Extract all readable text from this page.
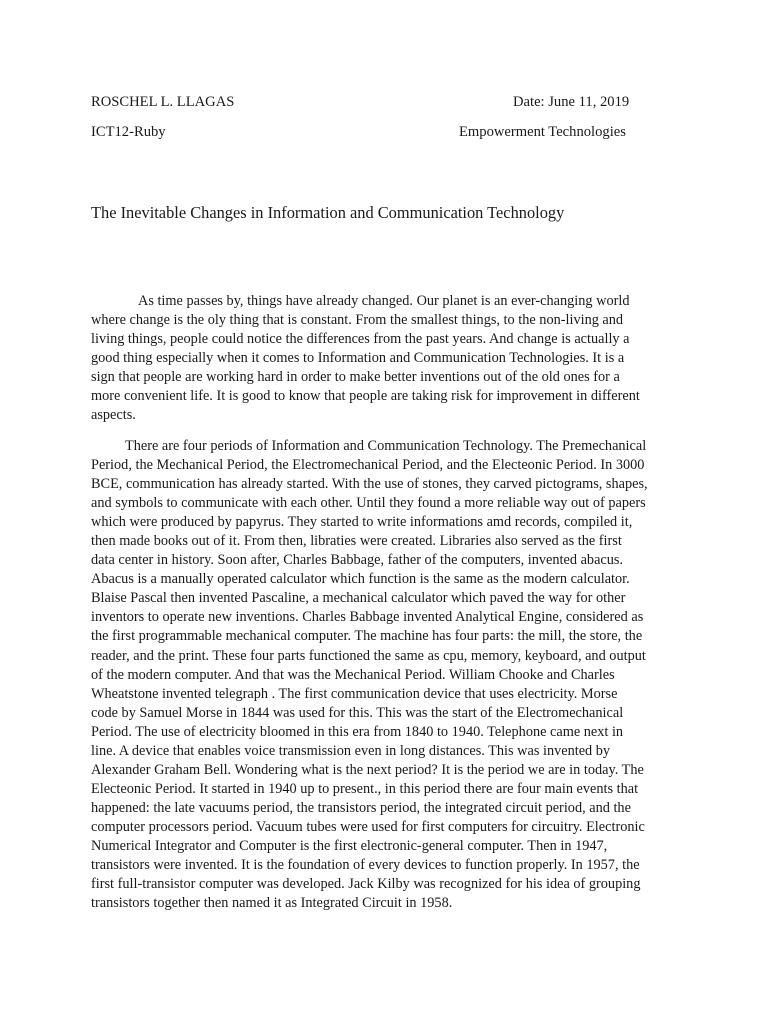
ROSCHEL L. LLAGAS	Date: June 11, 2019
ICT12-Ruby	Empowerment Technologies
The Inevitable Changes in Information and Communication Technology
As time passes by, things have already changed. Our planet is an ever-changing world
where change is the oly thing that is constant. From the smallest things, to the non-living and
living things, people could notice the differences from the past years. And change is actually a
good thing especially when it comes to Information and Communication Technologies. It is a
sign that people are working hard in order to make better inventions out of the old ones for a
more convenient life. It is good to know that people are taking risk for improvement in different
aspects.
There are four periods of Information and Communication Technology. The Premechanical
Period, the Mechanical Period, the Electromechanical Period, and the Electeonic Period. In 3000
BCE, communication has already started. With the use of stones, they carved pictograms, shapes,
and symbols to communicate with each other. Until they found a more reliable way out of papers
which were produced by papyrus. They started to write informations amd records, compiled it,
then made books out of it. From then, libraties were created. Libraries also served as the first
data center in history. Soon after, Charles Babbage, father of the computers, invented abacus.
Abacus is a manually operated calculator which function is the same as the modern calculator.
Blaise Pascal then invented Pascaline, a mechanical calculator which paved the way for other
inventors to operate new inventions. Charles Babbage invented Analytical Engine, considered as
the first programmable mechanical computer. The machine has four parts: the mill, the store, the
reader, and the print. These four parts functioned the same as cpu, memory, keyboard, and output
of the modern computer. And that was the Mechanical Period. William Chooke and Charles
Wheatstone invented telegraph . The first communication device that uses electricity. Morse
code by Samuel Morse in 1844 was used for this. This was the start of the Electromechanical
Period. The use of electricity bloomed in this era from 1840 to 1940. Telephone came next in
line. A device that enables voice transmission even in long distances. This was invented by
Alexander Graham Bell. Wondering what is the next period? It is the period we are in today. The
Electeonic Period. It started in 1940 up to present., in this period there are four main events that
happened: the late vacuums period, the transistors period, the integrated circuit period, and the
computer processors period. Vacuum tubes were used for first computers for circuitry. Electronic
Numerical Integrator and Computer is the first electronic-general computer. Then in 1947,
transistors were invented. It is the foundation of every devices to function properly. In 1957, the
first full-transistor computer was developed. Jack Kilby was recognized for his idea of grouping
transistors together then named it as Integrated Circuit in 1958.
